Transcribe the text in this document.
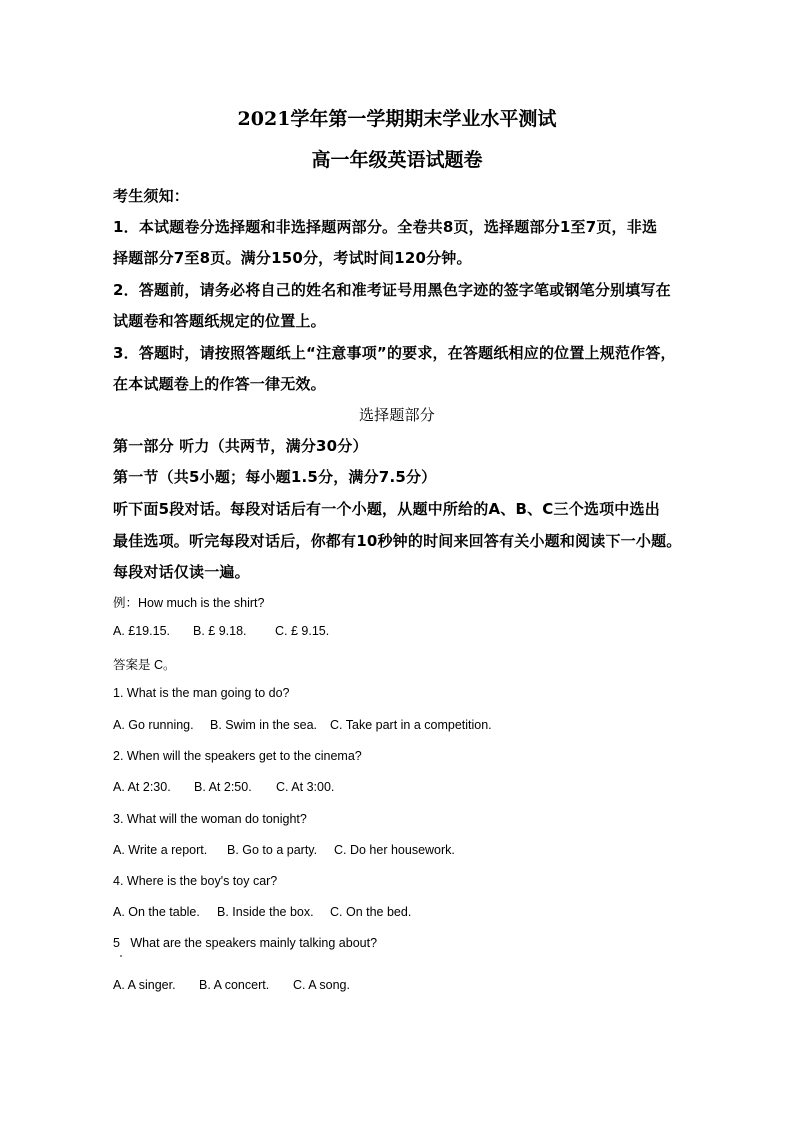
2021学年第一学期期末学业水平测试
高一年级英语试题卷
考生须知：
1．本试题卷分选择题和非选择题两部分。全卷共8页，选择题部分1至7页，非选
择题部分7至8页。满分150分，考试时间120分钟。
2．答题前，请务必将自己的姓名和准考证号用黑色字迹的签字笔或钢笔分别填写在
试题卷和答题纸规定的位置上。
3．答题时，请按照答题纸上“注意事项”的要求，在答题纸相应的位置上规范作答，
在本试题卷上的作答一律无效。
选择题部分
第一部分 听力（共两节，满分30分）
第一节（共5小题；每小题1.5分，满分7.5分）
听下面5段对话。每段对话后有一个小题，从题中所给的A、B、C三个选项中选出
最佳选项。听完每段对话后，你都有10秒钟的时间来回答有关小题和阅读下一小题。
每段对话仅读一遍。
例：How much is the shirt?
A. £19.15. B. £ 9.18. C. £ 9.15.
答案是 C。
1. What is the man going to do?
A. Go running. B. Swim in the sea. C. Take part in a competition.
2. When will the speakers get to the cinema?
A. At 2:30. B. At 2:50. C. At 3:00.
3. What will the woman do tonight?
A. Write a report. B. Go to a party. C. Do her housework.
4. Where is the boy's toy car?
A. On the table. B. Inside the box. C. On the bed.
5   What are the speakers mainly talking about?
A. A singer. B. A concert. C. A song.
